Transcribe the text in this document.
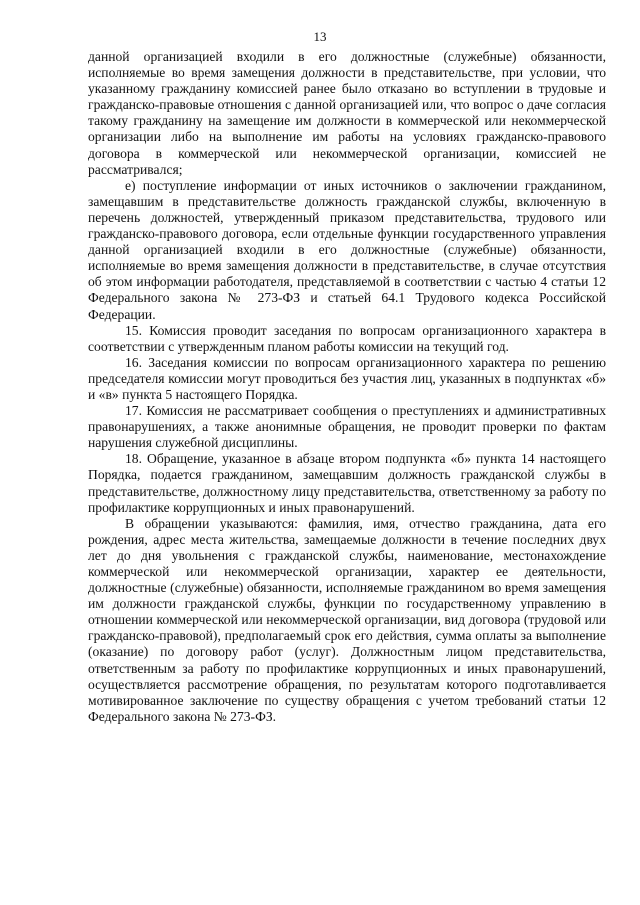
13

данной организацией входили в его должностные (служебные) обязанности, исполняемые во время замещения должности в представительстве, при условии, что указанному гражданину комиссией ранее было отказано во вступлении в трудовые и гражданско-правовые отношения с данной организацией или, что вопрос о даче согласия такому гражданину на замещение им должности в коммерческой или некоммерческой организации либо на выполнение им работы на условиях гражданско-правового договора в коммерческой или некоммерческой организации, комиссией не рассматривался;

е) поступление информации от иных источников о заключении гражданином, замещавшим в представительстве должность гражданской службы, включенную в перечень должностей, утвержденный приказом представительства, трудового или гражданско-правового договора, если отдельные функции государственного управления данной организацией входили в его должностные (служебные) обязанности, исполняемые во время замещения должности в представительстве, в случае отсутствия об этом информации работодателя, представляемой в соответствии с частью 4 статьи 12 Федерального закона № 273-ФЗ и статьей 64.1 Трудового кодекса Российской Федерации.

15. Комиссия проводит заседания по вопросам организационного характера в соответствии с утвержденным планом работы комиссии на текущий год.

16. Заседания комиссии по вопросам организационного характера по решению председателя комиссии могут проводиться без участия лиц, указанных в подпунктах «б» и «в» пункта 5 настоящего Порядка.

17. Комиссия не рассматривает сообщения о преступлениях и административных правонарушениях, а также анонимные обращения, не проводит проверки по фактам нарушения служебной дисциплины.

18. Обращение, указанное в абзаце втором подпункта «б» пункта 14 настоящего Порядка, подается гражданином, замещавшим должность гражданской службы в представительстве, должностному лицу представительства, ответственному за работу по профилактике коррупционных и иных правонарушений.

В обращении указываются: фамилия, имя, отчество гражданина, дата его рождения, адрес места жительства, замещаемые должности в течение последних двух лет до дня увольнения с гражданской службы, наименование, местонахождение коммерческой или некоммерческой организации, характер ее деятельности, должностные (служебные) обязанности, исполняемые гражданином во время замещения им должности гражданской службы, функции по государственному управлению в отношении коммерческой или некоммерческой организации, вид договора (трудовой или гражданско-правовой), предполагаемый срок его действия, сумма оплаты за выполнение (оказание) по договору работ (услуг). Должностным лицом представительства, ответственным за работу по профилактике коррупционных и иных правонарушений, осуществляется рассмотрение обращения, по результатам которого подготавливается мотивированное заключение по существу обращения с учетом требований статьи 12 Федерального закона № 273-ФЗ.
